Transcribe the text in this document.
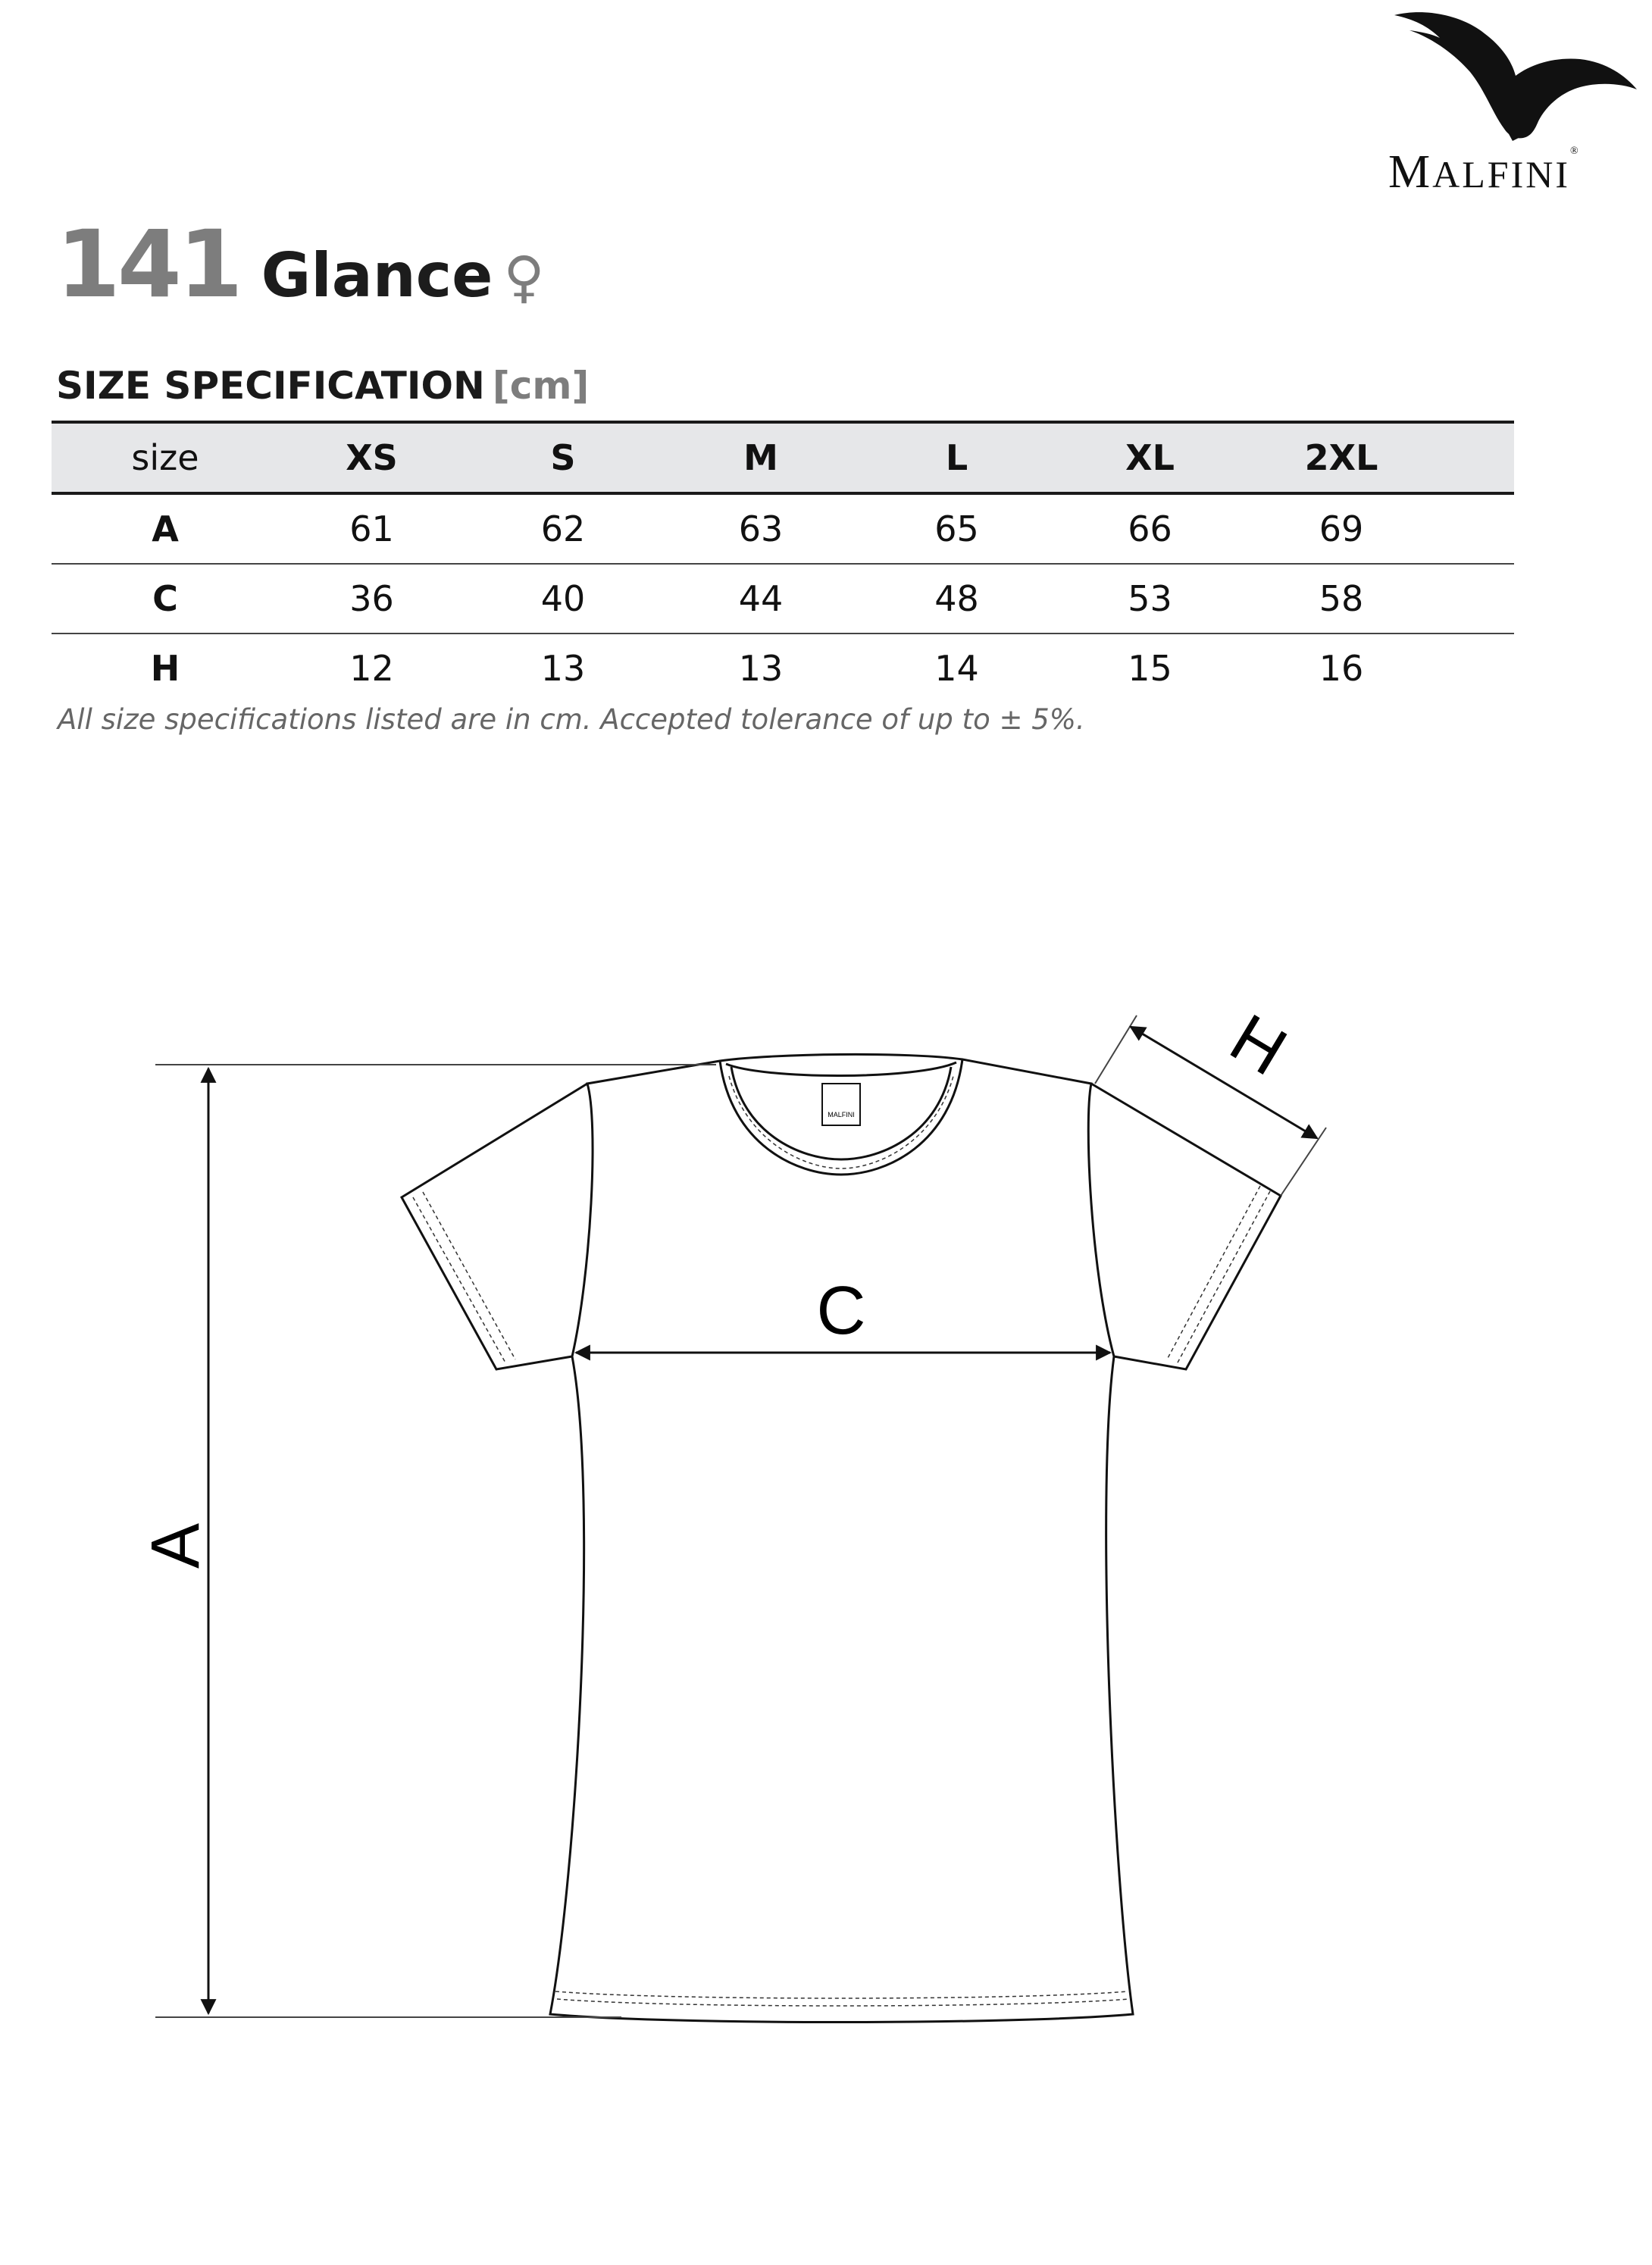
MALFINI®
141 Glance ♀
SIZE SPECIFICATION [cm]
size	XS	S	M	L	XL	2XL	
A	61	62	63	65	66	69	
C	36	40	44	48	53	58	
H	12	13	13	14	15	16	
All size specifications listed are in cm. Accepted tolerance of up to ± 5%.
MALFINI
A
C
H
